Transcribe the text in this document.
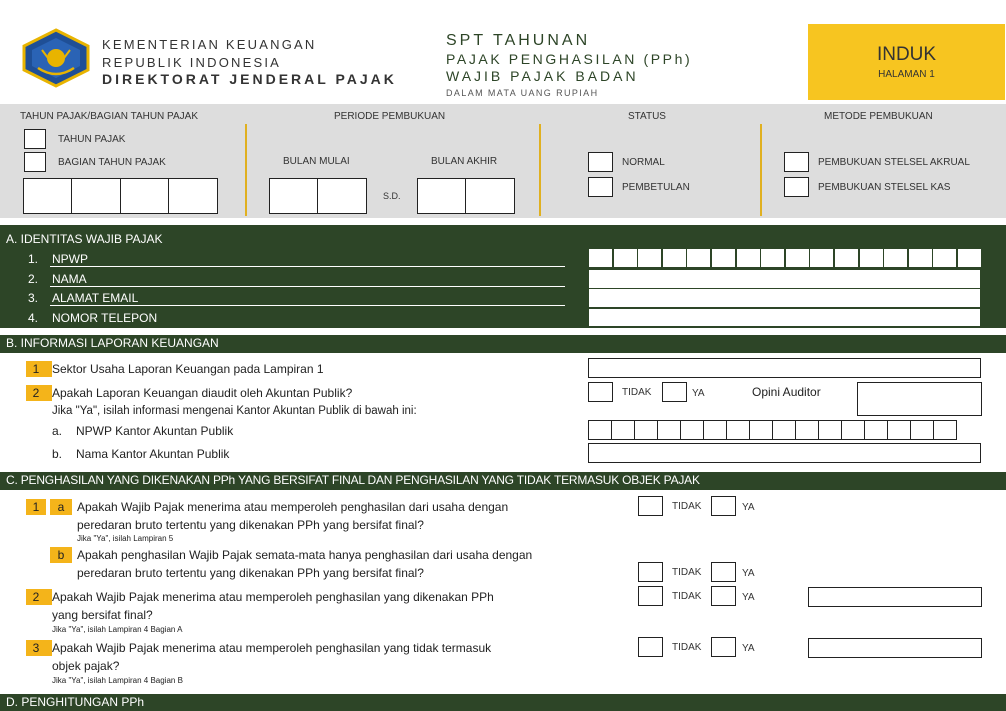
KEMENTERIAN KEUANGAN
REPUBLIK INDONESIA
DIREKTORAT JENDERAL PAJAK
SPT TAHUNAN
PAJAK PENGHASILAN (PPh)
WAJIB PAJAK BADAN
DALAM MATA UANG RUPIAH
INDUK
HALAMAN 1
TAHUN PAJAK/BAGIAN TAHUN PAJAK
TAHUN PAJAK
BAGIAN TAHUN PAJAK
PERIODE PEMBUKUAN
BULAN MULAI	BULAN AKHIR
S.D.
STATUS
NORMAL
PEMBETULAN
METODE PEMBUKUAN
PEMBUKUAN STELSEL AKRUAL
PEMBUKUAN STELSEL KAS
A. IDENTITAS WAJIB PAJAK
1. NPWP
2. NAMA
3. ALAMAT EMAIL
4. NOMOR TELEPON
B. INFORMASI LAPORAN KEUANGAN
1	Sektor Usaha Laporan Keuangan pada Lampiran 1
2	Apakah Laporan Keuangan diaudit oleh Akuntan Publik?
Jika "Ya", isilah informasi mengenai Kantor Akuntan Publik di bawah ini:
TIDAK	YA	Opini Auditor
a. NPWP Kantor Akuntan Publik
b. Nama Kantor Akuntan Publik
C. PENGHASILAN YANG DIKENAKAN PPh YANG BERSIFAT FINAL DAN PENGHASILAN YANG TIDAK TERMASUK OBJEK PAJAK
1	a	Apakah Wajib Pajak menerima atau memperoleh penghasilan dari usaha dengan
peredaran bruto tertentu yang dikenakan PPh yang bersifat final?
Jika "Ya", isilah Lampiran 5
TIDAK	YA
b	Apakah penghasilan Wajib Pajak semata-mata hanya penghasilan dari usaha dengan
peredaran bruto tertentu yang dikenakan PPh yang bersifat final?	TIDAK	YA
2	Apakah Wajib Pajak menerima atau memperoleh penghasilan yang dikenakan PPh
yang bersifat final?
Jika "Ya", isilah Lampiran 4 Bagian A
TIDAK	YA
3	Apakah Wajib Pajak menerima atau memperoleh penghasilan yang tidak termasuk
objek pajak?
Jika "Ya", isilah Lampiran 4 Bagian B
TIDAK	YA
D. PENGHITUNGAN PPh
